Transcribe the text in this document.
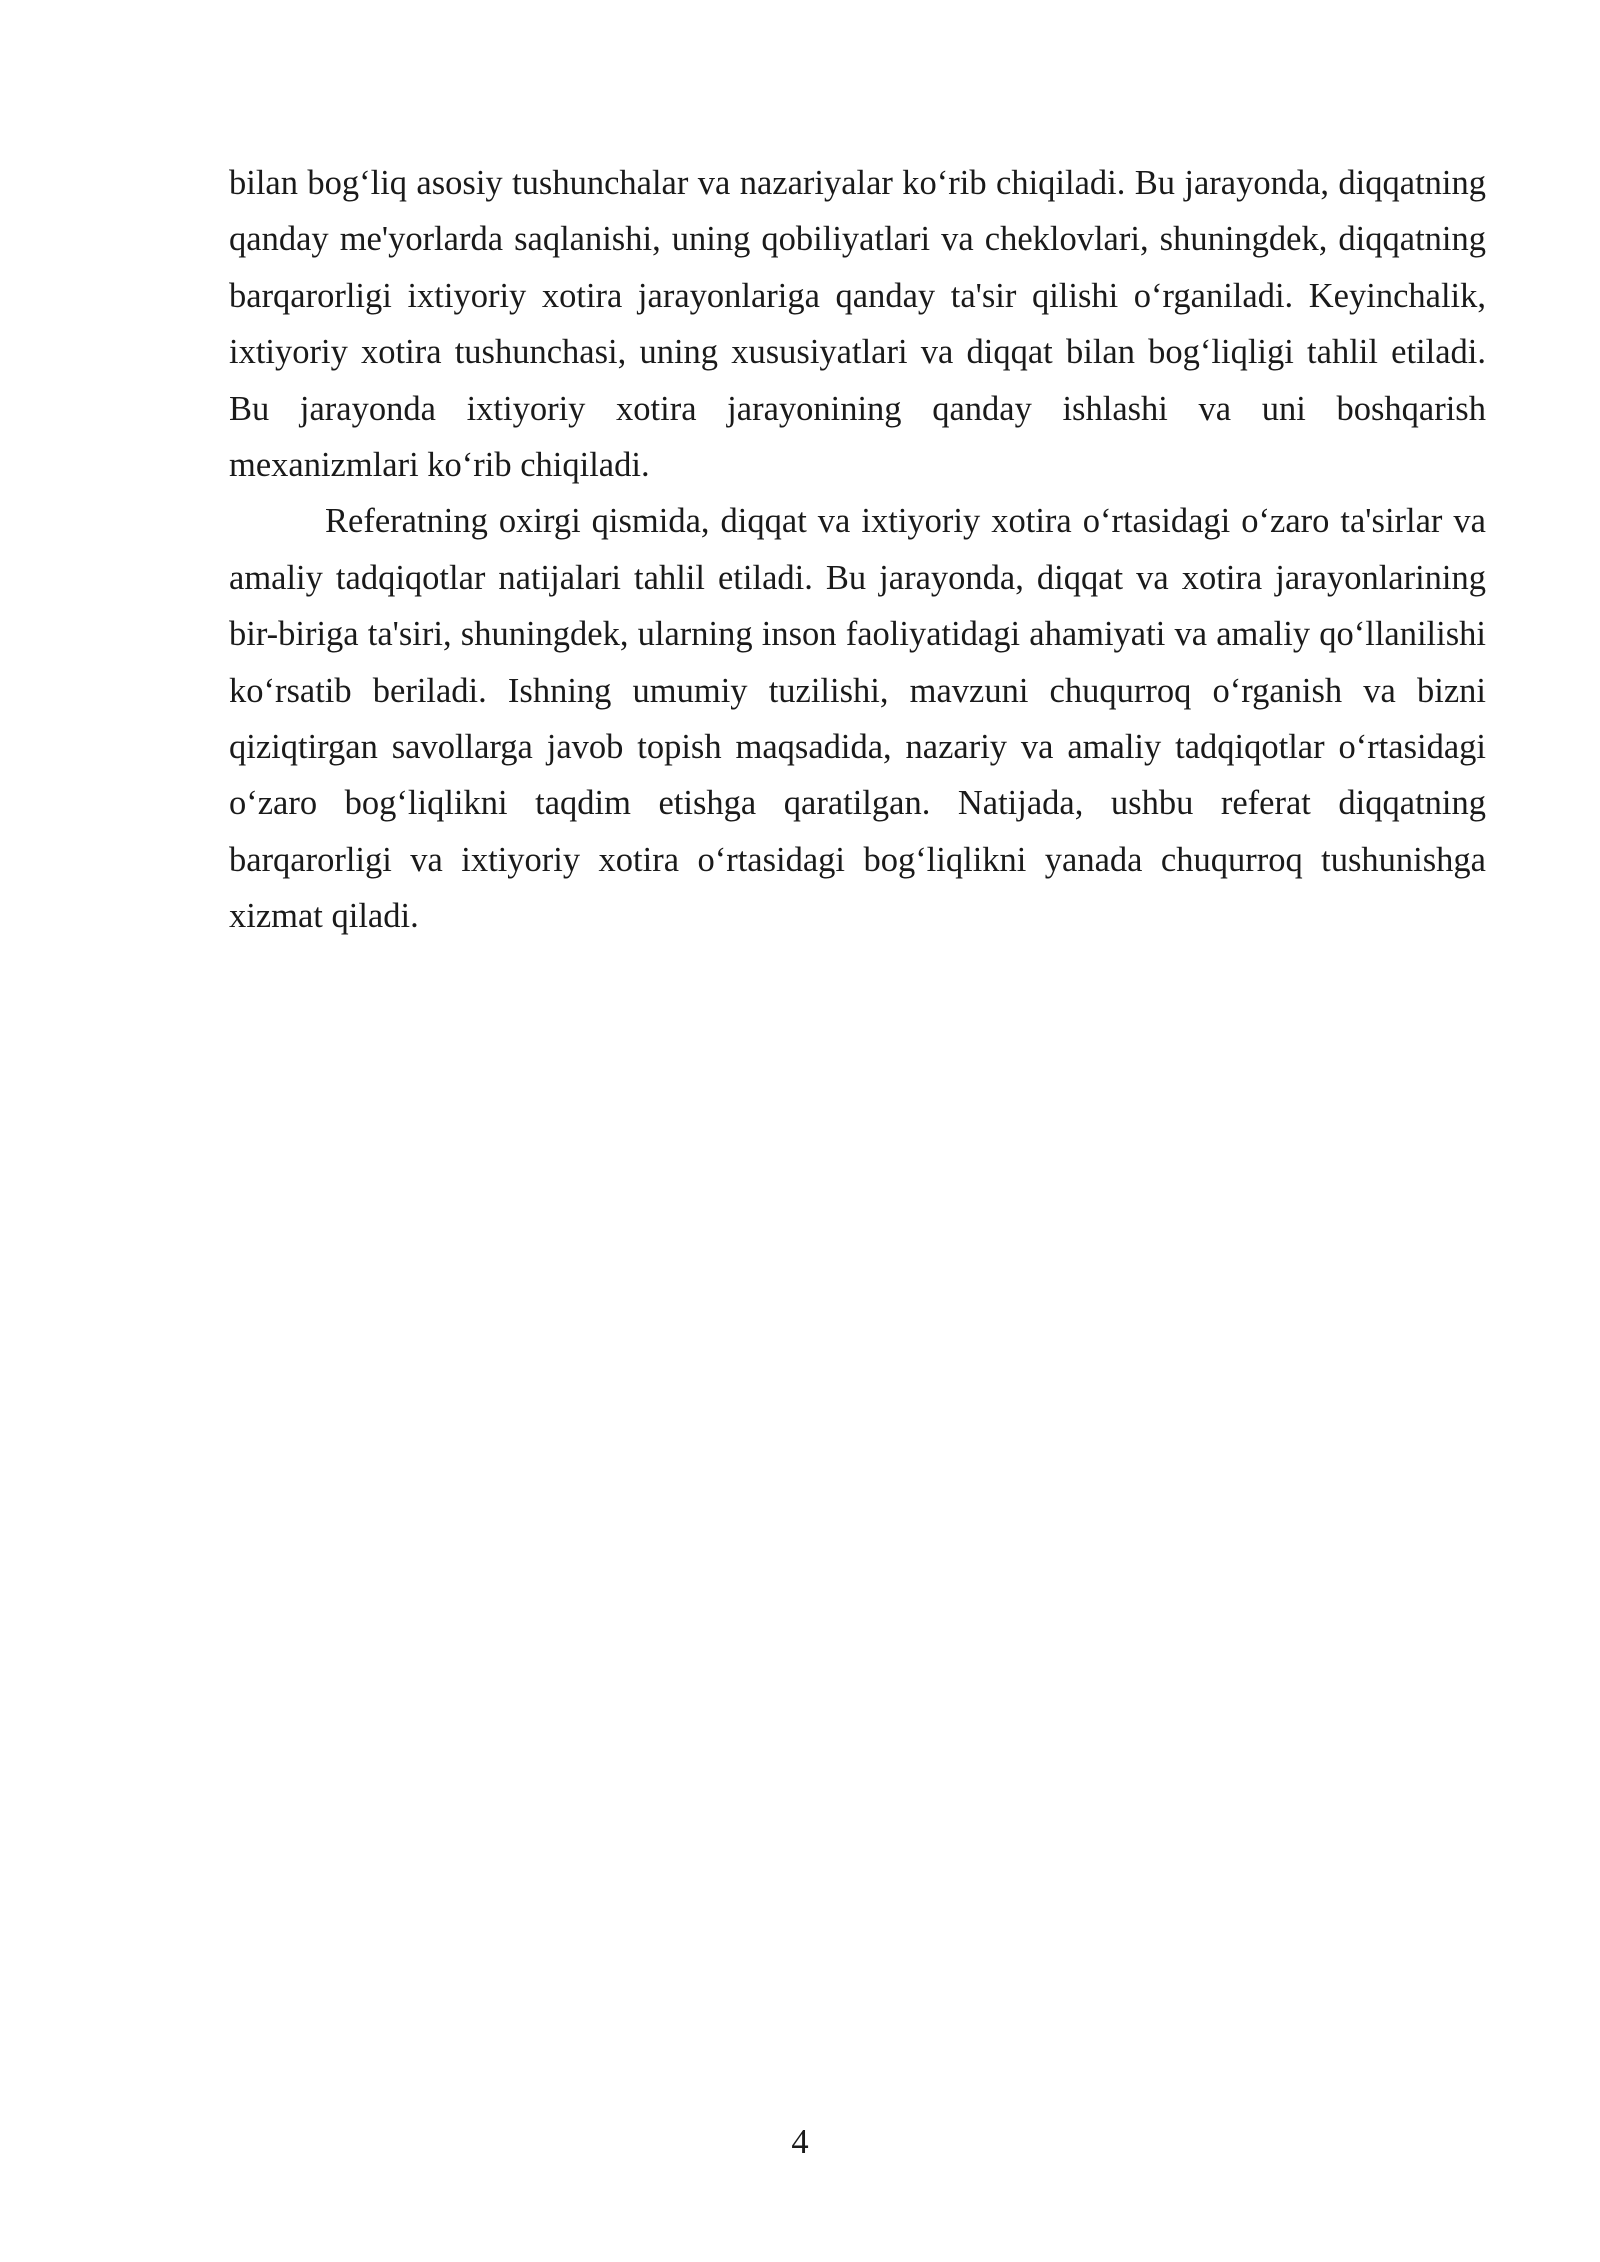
bilan bog‘liq asosiy tushunchalar va nazariyalar ko‘rib chiqiladi. Bu jarayonda, diqqatning qanday me'yorlarda saqlanishi, uning qobiliyatlari va cheklovlari, shuningdek, diqqatning barqarorligi ixtiyoriy xotira jarayonlariga qanday ta'sir qilishi o‘rganiladi. Keyinchalik, ixtiyoriy xotira tushunchasi, uning xususiyatlari va diqqat bilan bog‘liqligi tahlil etiladi. Bu jarayonda ixtiyoriy xotira jarayonining qanday ishlashi va uni boshqarish mexanizmlari ko‘rib chiqiladi.

Referatning oxirgi qismida, diqqat va ixtiyoriy xotira o‘rtasidagi o‘zaro ta'sirlar va amaliy tadqiqotlar natijalari tahlil etiladi. Bu jarayonda, diqqat va xotira jarayonlarining bir-biriga ta'siri, shuningdek, ularning inson faoliyatidagi ahamiyati va amaliy qo‘llanilishi ko‘rsatib beriladi. Ishning umumiy tuzilishi, mavzuni chuqurroq o‘rganish va bizni qiziqtirgan savollarga javob topish maqsadida, nazariy va amaliy tadqiqotlar o‘rtasidagi o‘zaro bog‘liqlikni taqdim etishga qaratilgan. Natijada, ushbu referat diqqatning barqarorligi va ixtiyoriy xotira o‘rtasidagi bog‘liqlikni yanada chuqurroq tushunishga xizmat qiladi.

4
